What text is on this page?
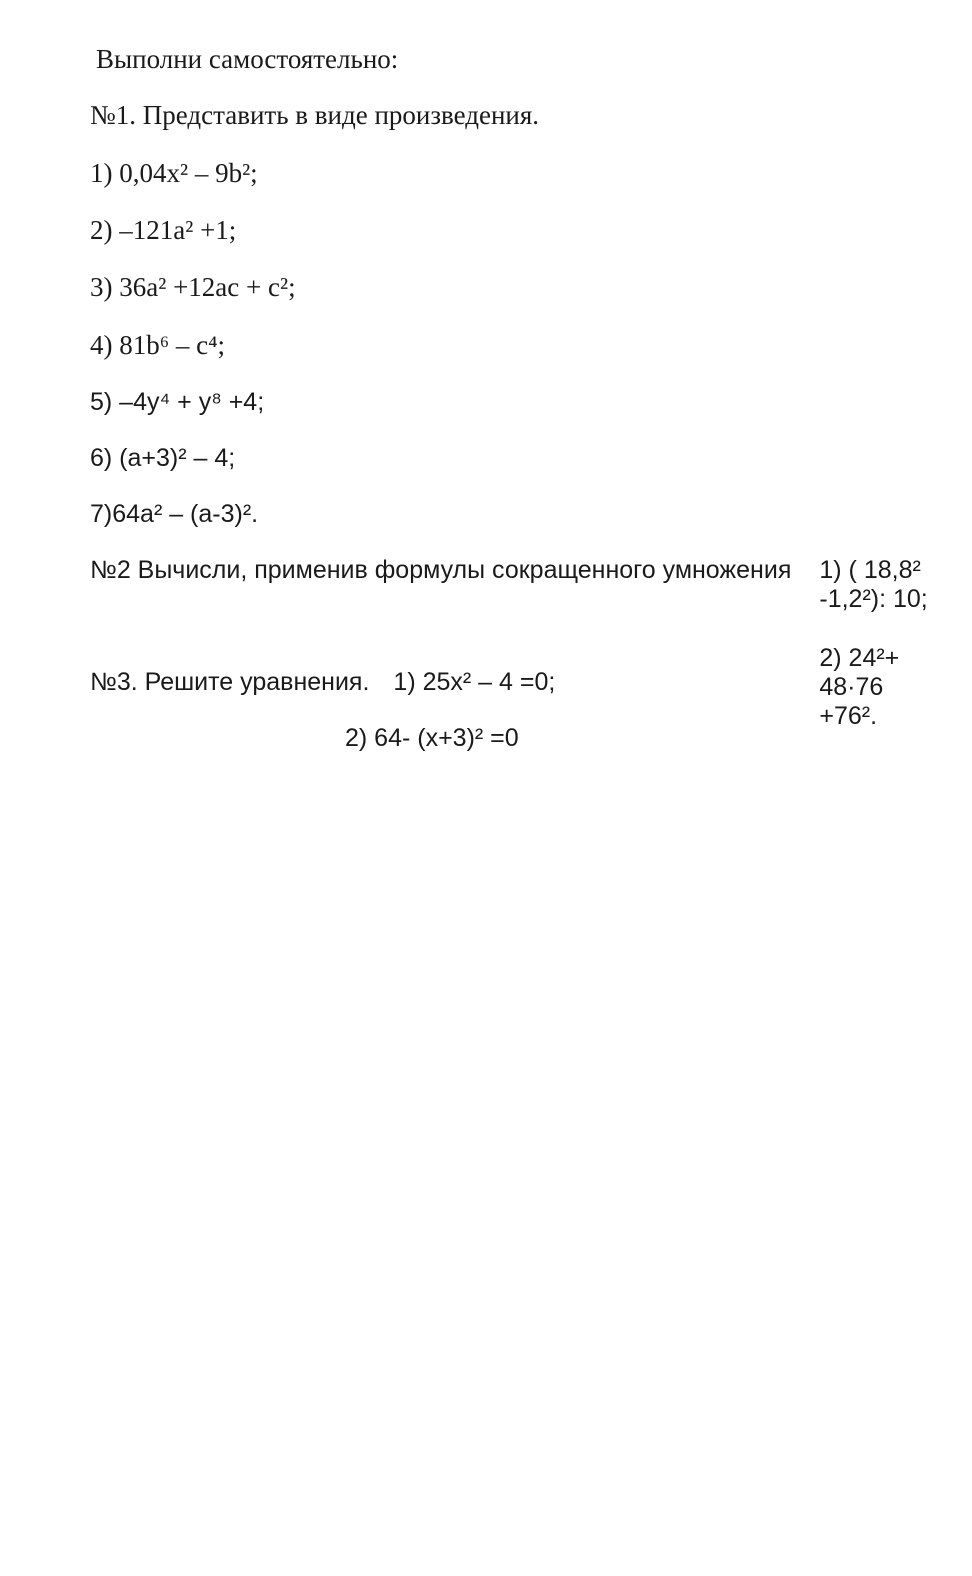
Выполни самостоятельно:

№1. Представить в виде произведения.

1) 0,04x² – 9b²;

2) –121a² +1;

3) 36a² +12ac + c²;

4) 81b⁶ – c⁴;

5) –4y⁴ + y⁸ +4;

6) (a+3)² – 4;

7)64a² – (a-3)².

№2 Вычисли, применив формулы сокращенного умножения 1) ( 18,8² -1,2²): 10;

2) 24²+ 48·76 +76².

№3. Решите уравнения. 1) 25x² – 4 =0;

2) 64- (x+3)² =0
